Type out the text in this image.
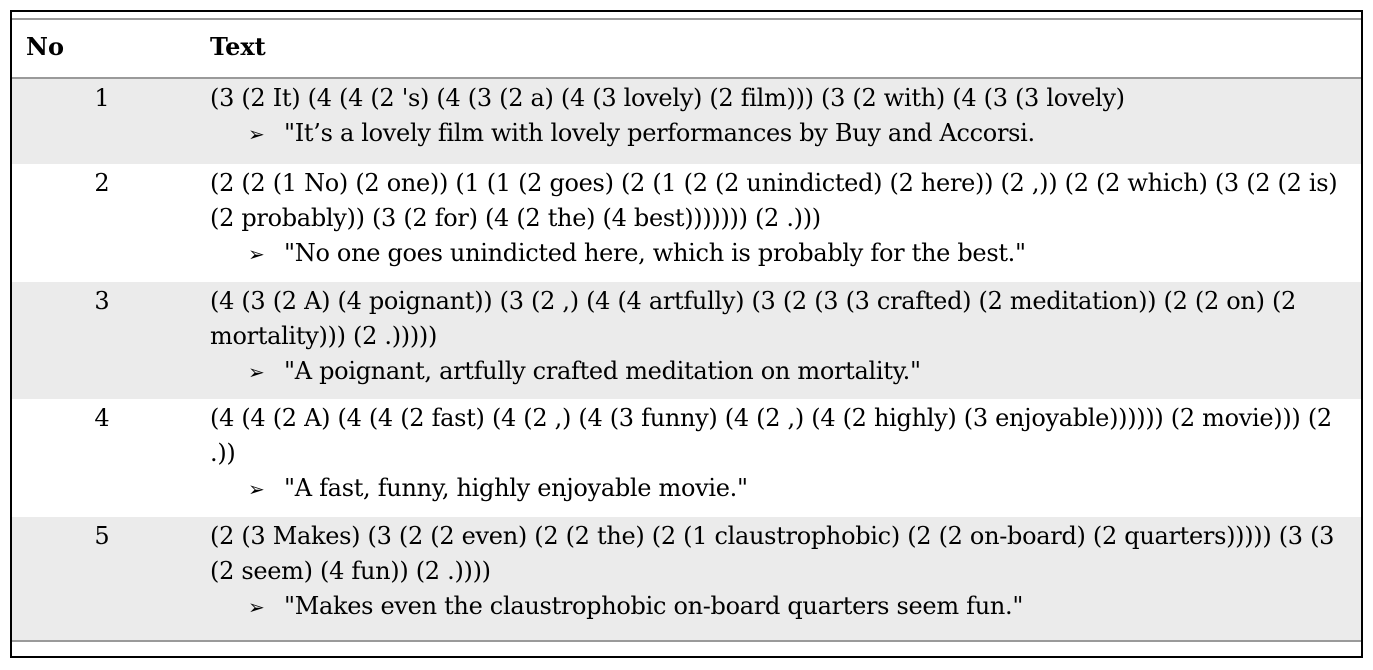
No	Text
1	(3 (2 It) (4 (4 (2 's) (4 (3 (2 a) (4 (3 lovely) (2 film))) (3 (2 with) (4 (3 (3 lovely)
➢ "It’s a lovely film with lovely performances by Buy and Accorsi.
2	(2 (2 (1 No) (2 one)) (1 (1 (2 goes) (2 (1 (2 (2 unindicted) (2 here)) (2 ,)) (2 (2 which) (3 (2 (2 is) (2 probably)) (3 (2 for) (4 (2 the) (4 best))))))) (2 .)))
➢ "No one goes unindicted here, which is probably for the best."
3	(4 (3 (2 A) (4 poignant)) (3 (2 ,) (4 (4 artfully) (3 (2 (3 (3 crafted) (2 meditation)) (2 (2 on) (2 mortality))) (2 .)))))
➢ "A poignant, artfully crafted meditation on mortality."
4	(4 (4 (2 A) (4 (4 (2 fast) (4 (2 ,) (4 (3 funny) (4 (2 ,) (4 (2 highly) (3 enjoyable)))))) (2 movie))) (2 .))
➢ "A fast, funny, highly enjoyable movie."
5	(2 (3 Makes) (3 (2 (2 even) (2 (2 the) (2 (1 claustrophobic) (2 (2 on-board) (2 quarters))))) (3 (3 (2 seem) (4 fun)) (2 .))))
➢ "Makes even the claustrophobic on-board quarters seem fun."
